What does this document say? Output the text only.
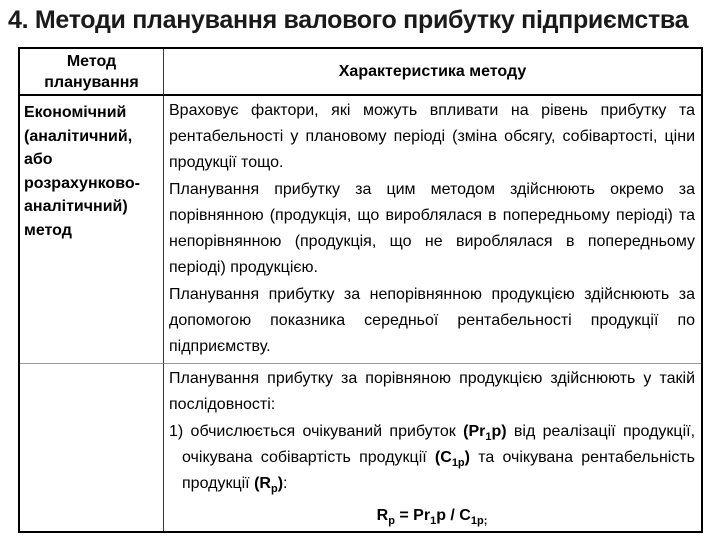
4. Методи планування валового прибутку підприємства
Метод планування
Характеристика методу
Економічний (аналітичний, або розрахунково-аналітичний) метод

Враховує фактори, які можуть впливати на рівень прибутку та рентабельності у плановому періоді (зміна обсягу, собівартості, ціни продукції тощо.

Планування прибутку за цим методом здійснюють окремо за порівнянною (продукція, що вироблялася в попередньому періоді) та непорівнянною (продукція, що не вироблялася в попередньому періоді) продукцією.

Планування прибутку за непорівнянною продукцією здійснюють за допомогою показника середньої рентабельності продукції по підприємству.

Планування прибутку за порівняною продукцією здійснюють у такій послідовності:

1) обчислюється очікуваний прибуток $(Pr_1p)$ від реалізації продукції, очікувана собівартість продукції $(C_{1p})$ та очікувана рентабельність продукції $(R_p)$:

$R_p = Pr_1p / C_{1p;}$
